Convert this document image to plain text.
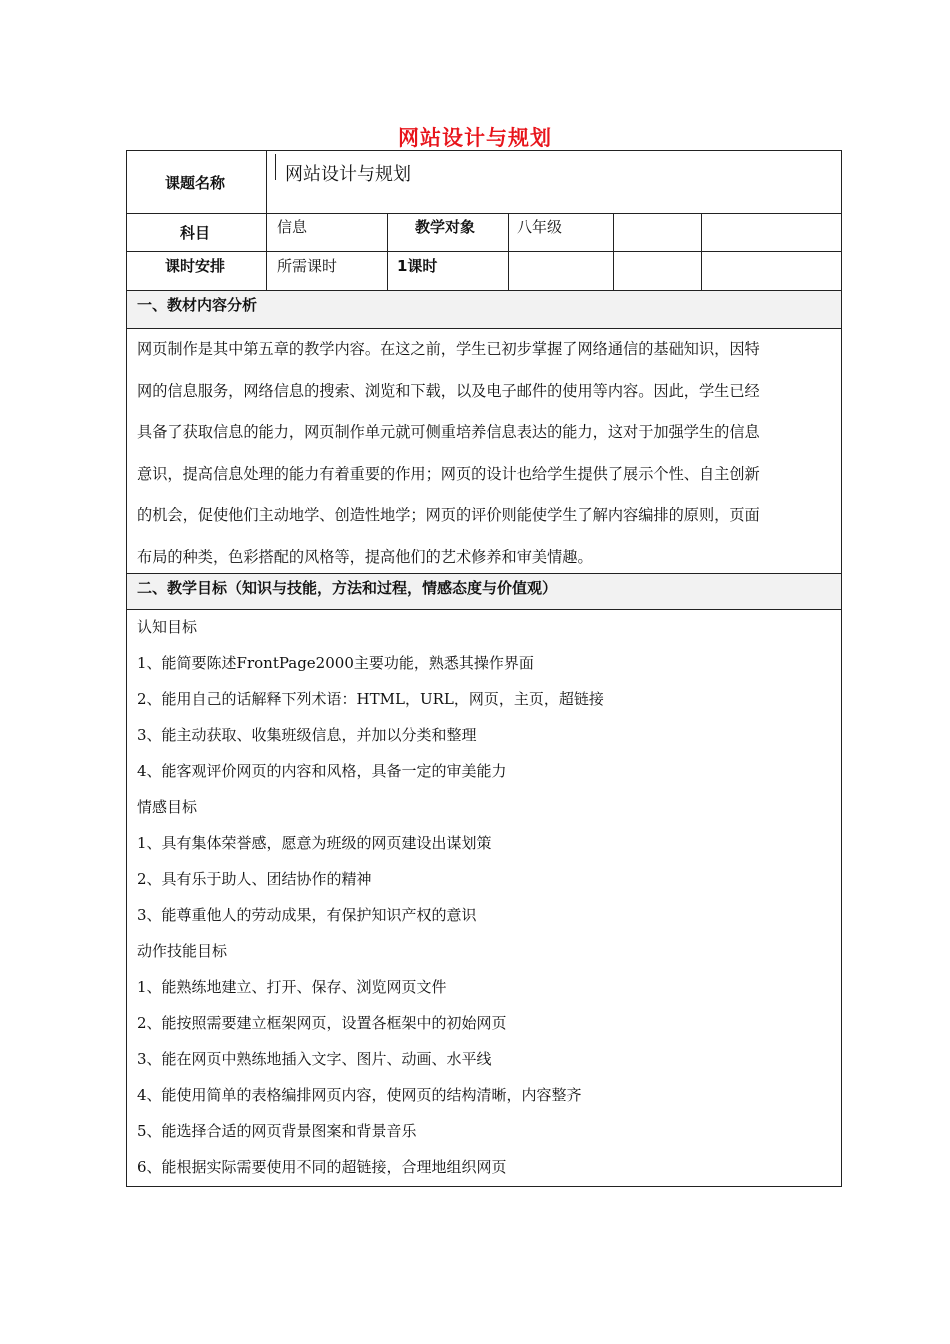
网站设计与规划
课题名称	网站设计与规划
科目	信息	教学对象	八年级
课时安排	所需课时	1课时
一、教材内容分析
网页制作是其中第五章的教学内容。在这之前，学生已初步掌握了网络通信的基础知识，因特
网的信息服务，网络信息的搜索、浏览和下载，以及电子邮件的使用等内容。因此，学生已经
具备了获取信息的能力，网页制作单元就可侧重培养信息表达的能力，这对于加强学生的信息
意识，提高信息处理的能力有着重要的作用；网页的设计也给学生提供了展示个性、自主创新
的机会，促使他们主动地学、创造性地学；网页的评价则能使学生了解内容编排的原则，页面
布局的种类，色彩搭配的风格等，提高他们的艺术修养和审美情趣。
二、教学目标（知识与技能，方法和过程，情感态度与价值观）
认知目标
1、能简要陈述FrontPage2000主要功能，熟悉其操作界面
2、能用自己的话解释下列术语：HTML，URL，网页，主页，超链接
3、能主动获取、收集班级信息，并加以分类和整理
4、能客观评价网页的内容和风格，具备一定的审美能力
情感目标
1、具有集体荣誉感，愿意为班级的网页建设出谋划策
2、具有乐于助人、团结协作的精神
3、能尊重他人的劳动成果，有保护知识产权的意识
动作技能目标
1、能熟练地建立、打开、保存、浏览网页文件
2、能按照需要建立框架网页，设置各框架中的初始网页
3、能在网页中熟练地插入文字、图片、动画、水平线
4、能使用简单的表格编排网页内容，使网页的结构清晰，内容整齐
5、能选择合适的网页背景图案和背景音乐
6、能根据实际需要使用不同的超链接，合理地组织网页
